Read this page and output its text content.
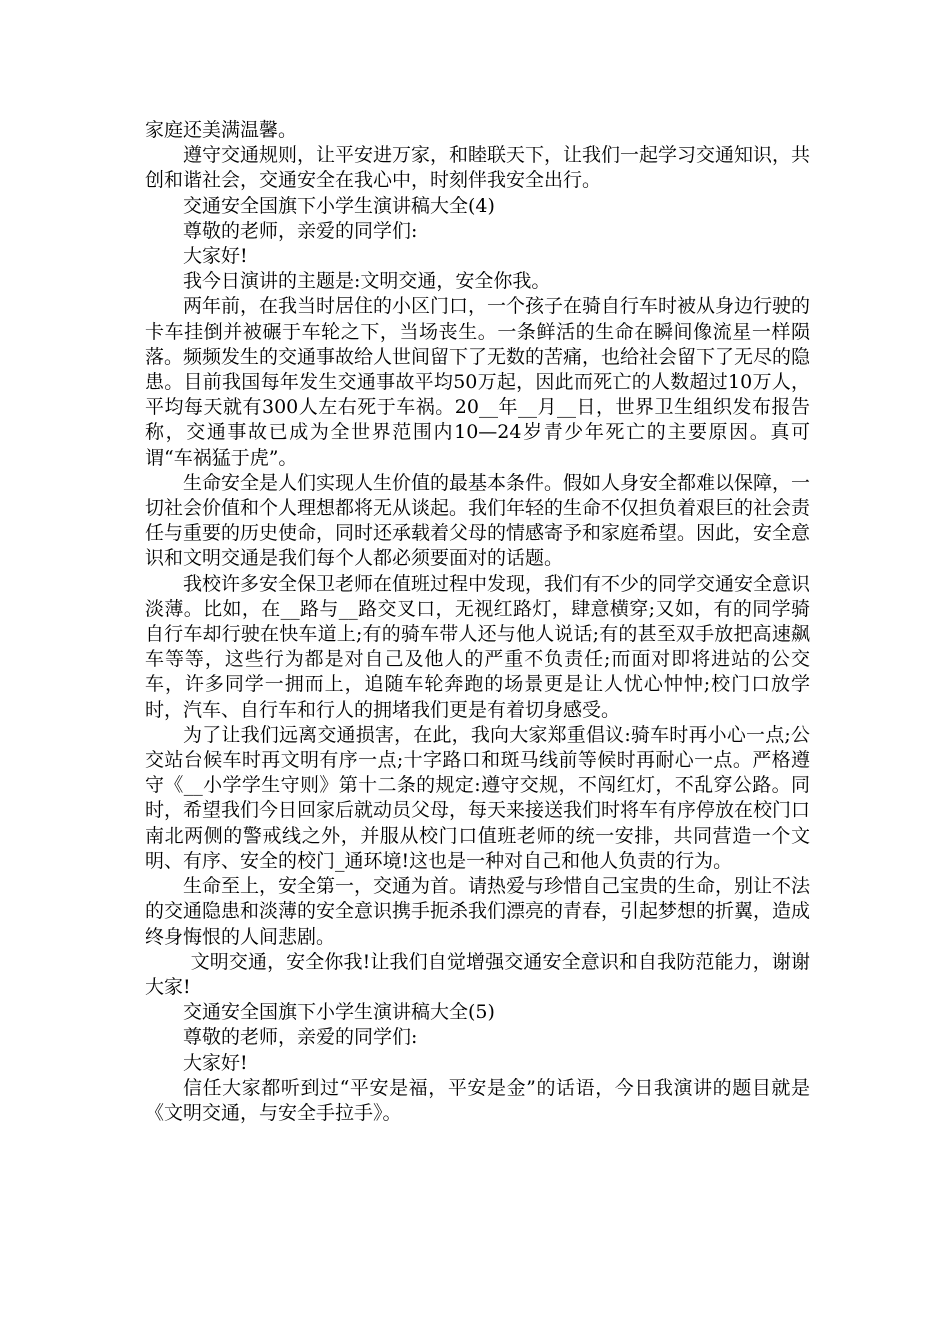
家庭还美满温馨。

遵守交通规则，让平安进万家，和睦联天下，让我们一起学习交通知识，共创和谐社会，交通安全在我心中，时刻伴我安全出行。

交通安全国旗下小学生演讲稿大全(4)

尊敬的老师，亲爱的同学们:

大家好!

我今日演讲的主题是:文明交通，安全你我。

两年前，在我当时居住的小区门口，一个孩子在骑自行车时被从身边行驶的卡车挂倒并被碾于车轮之下，当场丧生。一条鲜活的生命在瞬间像流星一样陨落。频频发生的交通事故给人世间留下了无数的苦痛，也给社会留下了无尽的隐患。目前我国每年发生交通事故平均50万起，因此而死亡的人数超过10万人，平均每天就有300人左右死于车祸。20__年__月__日，世界卫生组织发布报告称，交通事故已成为全世界范围内10—24岁青少年死亡的主要原因。真可谓“车祸猛于虎”。

生命安全是人们实现人生价值的最基本条件。假如人身安全都难以保障，一切社会价值和个人理想都将无从谈起。我们年轻的生命不仅担负着艰巨的社会责任与重要的历史使命，同时还承载着父母的情感寄予和家庭希望。因此，安全意识和文明交通是我们每个人都必须要面对的话题。

我校许多安全保卫老师在值班过程中发现，我们有不少的同学交通安全意识淡薄。比如，在__路与__路交叉口，无视红路灯，肆意横穿;又如，有的同学骑自行车却行驶在快车道上;有的骑车带人还与他人说话;有的甚至双手放把高速飙车等等，这些行为都是对自己及他人的严重不负责任;而面对即将进站的公交车，许多同学一拥而上，追随车轮奔跑的场景更是让人忧心忡忡;校门口放学时，汽车、自行车和行人的拥堵我们更是有着切身感受。

为了让我们远离交通损害，在此，我向大家郑重倡议:骑车时再小心一点;公交站台候车时再文明有序一点;十字路口和斑马线前等候时再耐心一点。严格遵守《__小学学生守则》第十二条的规定:遵守交规，不闯红灯，不乱穿公路。同时，希望我们今日回家后就动员父母，每天来接送我们时将车有序停放在校门口南北两侧的警戒线之外，并服从校门口值班老师的统一安排，共同营造一个文明、有序、安全的校门_通环境!这也是一种对自己和他人负责的行为。

生命至上，安全第一，交通为首。请热爱与珍惜自己宝贵的生命，别让不法的交通隐患和淡薄的安全意识携手扼杀我们漂亮的青春，引起梦想的折翼，造成终身悔恨的人间悲剧。

文明交通，安全你我!让我们自觉增强交通安全意识和自我防范能力，谢谢大家!

交通安全国旗下小学生演讲稿大全(5)

尊敬的老师，亲爱的同学们:

大家好!

信任大家都听到过“平安是福，平安是金”的话语，今日我演讲的题目就是《文明交通，与安全手拉手》。
